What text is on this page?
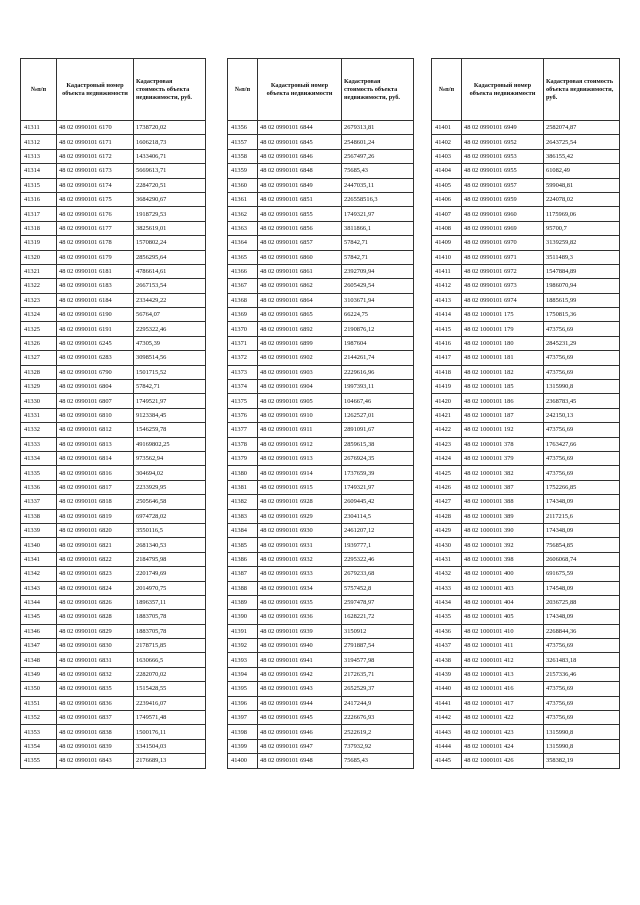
№п/п	Кадастровый номер объекта недвижимости	Кадастровая стоимость объекта недвижимости, руб.
41311	48 02 0990101 6170	1738720,02
41312	48 02 0990101 6171	1606218,73
41313	48 02 0990101 6172	1433406,71
41314	48 02 0990101 6173	5669613,71
41315	48 02 0990101 6174	2284720,51
41316	48 02 0990101 6175	3684290,67
41317	48 02 0990101 6176	1918729,53
41318	48 02 0990101 6177	3825619,01
41319	48 02 0990101 6178	1570802,24
41320	48 02 0990101 6179	2856295,64
41321	48 02 0990101 6181	4786614,61
41322	48 02 0990101 6183	2667153,54
41323	48 02 0990101 6184	2334429,22
41324	48 02 0990101 6190	56764,07
41325	48 02 0990101 6191	2295322,46
41326	48 02 0990101 6245	47305,39
41327	48 02 0990101 6283	3098514,56
41328	48 02 0990101 6790	1501715,52
41329	48 02 0990101 6804	57842,71
41330	48 02 0990101 6807	1749521,97
41331	48 02 0990101 6810	9123384,45
41332	48 02 0990101 6812	1546259,78
41333	48 02 0990101 6813	49169802,25
41334	48 02 0990101 6814	973562,94
41335	48 02 0990101 6816	304694,02
41336	48 02 0990101 6817	2233929,95
41337	48 02 0990101 6818	2505646,58
41338	48 02 0990101 6819	6974728,02
41339	48 02 0990101 6820	3550116,5
41340	48 02 0990101 6821	2681340,53
41341	48 02 0990101 6822	2184795,98
41342	48 02 0990101 6823	2201749,69
41343	48 02 0990101 6824	2014970,75
41344	48 02 0990101 6826	1896357,11
41345	48 02 0990101 6828	1883705,78
41346	48 02 0990101 6829	1883705,78
41347	48 02 0990101 6830	2178715,85
41348	48 02 0990101 6831	1630666,5
41349	48 02 0990101 6832	2282070,02
41350	48 02 0990101 6835	1515428,55
41351	48 02 0990101 6836	2239416,07
41352	48 02 0990101 6837	1749571,48
41353	48 02 0990101 6838	1500176,11
41354	48 02 0990101 6839	3341504,03
41355	48 02 0990101 6843	2176689,13
№п/п	Кадастровый номер объекта недвижимости	Кадастровая стоимость объекта недвижимости, руб.
41356	48 02 0990101 6844	2679313,81
41357	48 02 0990101 6845	2548601,24
41358	48 02 0990101 6846	2567497,26
41359	48 02 0990101 6848	75685,43
41360	48 02 0990101 6849	2447035,11
41361	48 02 0990101 6851	226558516,3
41362	48 02 0990101 6855	1749321,97
41363	48 02 0990101 6856	3811866,1
41364	48 02 0990101 6857	57842,71
41365	48 02 0990101 6860	57842,71
41366	48 02 0990101 6861	2392709,94
41367	48 02 0990101 6862	2605429,54
41368	48 02 0990101 6864	3103671,94
41369	48 02 0990101 6865	66224,75
41370	48 02 0990101 6892	2190876,12
41371	48 02 0990101 6899	1987604
41372	48 02 0990101 6902	2144261,74
41373	48 02 0990101 6903	2229616,96
41374	48 02 0990101 6904	1997393,11
41375	48 02 0990101 6905	104667,46
41376	48 02 0990101 6910	1262527,01
41377	48 02 0990101 6911	2891091,67
41378	48 02 0990101 6912	2859615,38
41379	48 02 0990101 6913	2676924,35
41380	48 02 0990101 6914	1737659,39
41381	48 02 0990101 6915	1749321,97
41382	48 02 0990101 6928	2609445,42
41383	48 02 0990101 6929	2304114,5
41384	48 02 0990101 6930	2461207,12
41385	48 02 0990101 6931	1939777,1
41386	48 02 0990101 6932	2295322,46
41387	48 02 0990101 6933	2679233,68
41388	48 02 0990101 6934	5757452,8
41389	48 02 0990101 6935	2597478,97
41390	48 02 0990101 6936	1628221,72
41391	48 02 0990101 6939	3150912
41392	48 02 0990101 6940	2791887,54
41393	48 02 0990101 6941	3194577,98
41394	48 02 0990101 6942	2172635,71
41395	48 02 0990101 6943	2652529,37
41396	48 02 0990101 6944	2417244,9
41397	48 02 0990101 6945	2226676,93
41398	48 02 0990101 6946	2522619,2
41399	48 02 0990101 6947	737932,92
41400	48 02 0990101 6948	75685,43
№п/п	Кадастровый номер объекта недвижимости	Кадастровая стоимость объекта недвижимости, руб.
41401	48 02 0990101 6949	2582074,87
41402	48 02 0990101 6952	2643725,54
41403	48 02 0990101 6953	386155,42
41404	48 02 0990101 6955	61082,49
41405	48 02 0990101 6957	599048,81
41406	48 02 0990101 6959	224078,02
41407	48 02 0990101 6960	1175969,06
41408	48 02 0990101 6969	95700,7
41409	48 02 0990101 6970	3139259,82
41410	48 02 0990101 6971	3511489,3
41411	48 02 0990101 6972	1547884,89
41412	48 02 0990101 6973	1986070,94
41413	48 02 0990101 6974	1885615,99
41414	48 02 1000101 175	1750815,36
41415	48 02 1000101 179	473756,69
41416	48 02 1000101 180	2845231,29
41417	48 02 1000101 181	473756,69
41418	48 02 1000101 182	473756,69
41419	48 02 1000101 185	1315990,8
41420	48 02 1000101 186	2368783,45
41421	48 02 1000101 187	242150,13
41422	48 02 1000101 192	473756,69
41423	48 02 1000101 378	1763427,66
41424	48 02 1000101 379	473756,69
41425	48 02 1000101 382	473756,69
41426	48 02 1000101 387	1752266,85
41427	48 02 1000101 388	174348,09
41428	48 02 1000101 389	2117215,6
41429	48 02 1000101 390	174348,09
41430	48 02 1000101 392	756854,85
41431	48 02 1000101 398	2606068,74
41432	48 02 1000101 400	691675,59
41433	48 02 1000101 403	174548,09
41434	48 02 1000101 404	2036725,88
41435	48 02 1000101 405	174348,09
41436	48 02 1000101 410	2268844,36
41437	48 02 1000101 411	473756,69
41438	48 02 1000101 412	3261483,18
41439	48 02 1000101 413	2157336,46
41440	48 02 1000101 416	473756,69
41441	48 02 1000101 417	473756,69
41442	48 02 1000101 422	473756,69
41443	48 02 1000101 423	1315990,8
41444	48 02 1000101 424	1315990,8
41445	48 02 1000101 426	358382,19
